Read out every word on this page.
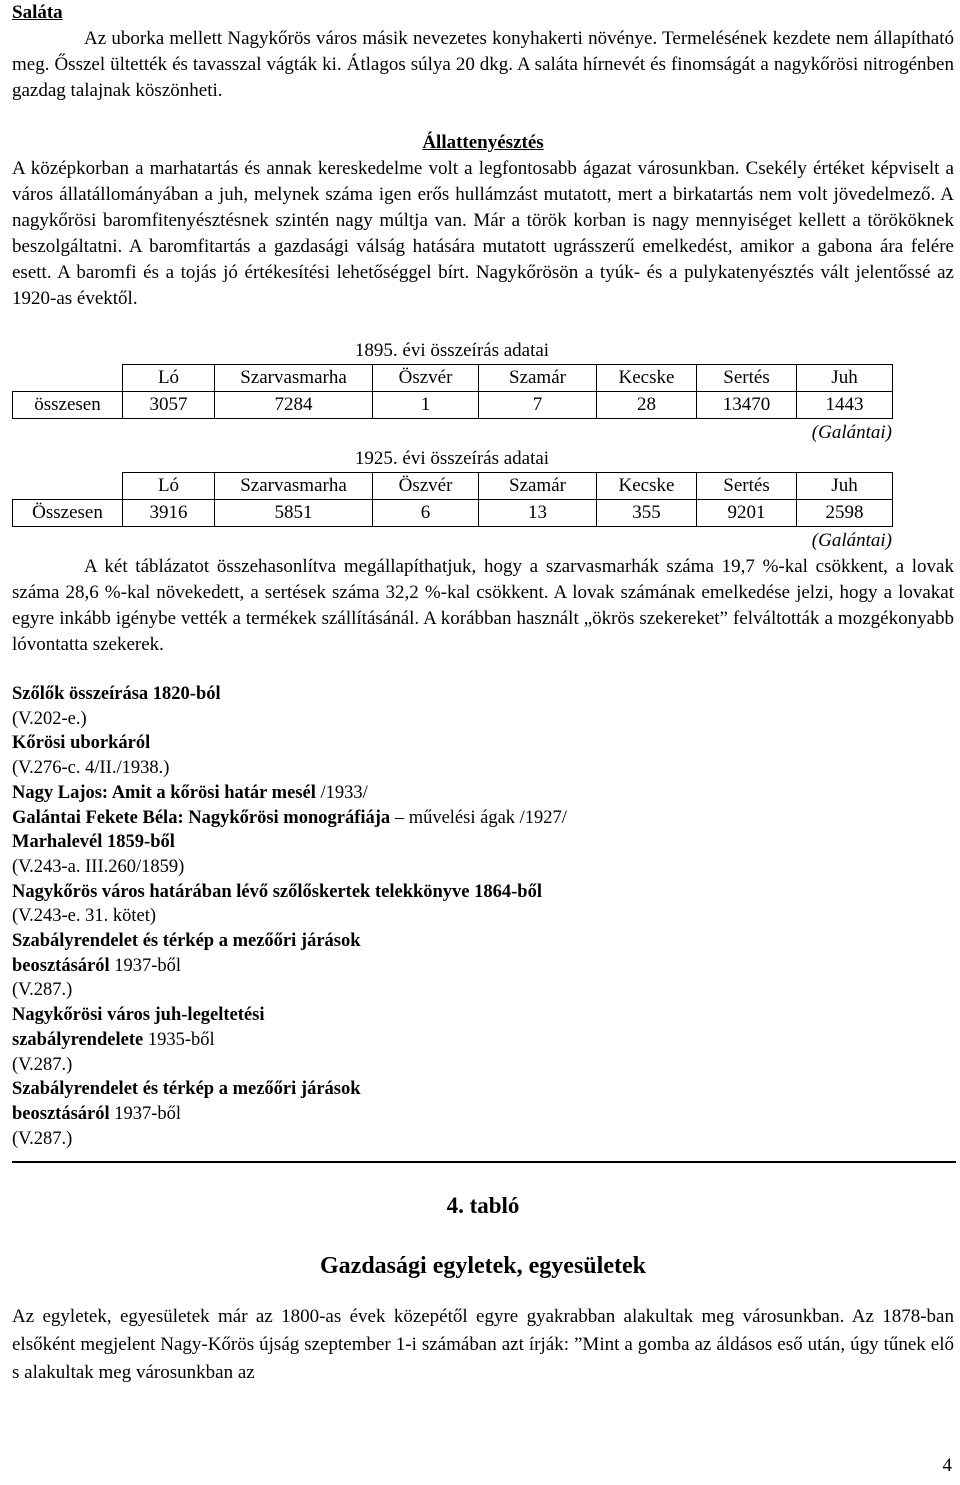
Saláta

Az uborka mellett Nagykőrös város másik nevezetes konyhakerti növénye. Termelésének kezdete nem állapítható meg. Ősszel ültették és tavasszal vágták ki. Átlagos súlya 20 dkg. A saláta hírnevét és finomságát a nagykőrösi nitrogénben gazdag talajnak köszönheti.

Állattenyésztés

A középkorban a marhatartás és annak kereskedelme volt a legfontosabb ágazat városunkban. Csekély értéket képviselt a város állatállományában a juh, melynek száma igen erős hullámzást mutatott, mert a birkatartás nem volt jövedelmező. A nagykőrösi baromfitenyésztésnek szintén nagy múltja van. Már a török korban is nagy mennyiséget kellett a törököknek beszolgáltatni. A baromfitartás a gazdasági válság hatására mutatott ugrásszerű emelkedést, amikor a gabona ára felére esett. A baromfi és a tojás jó értékesítési lehetőséggel bírt. Nagykőrösön a tyúk- és a pulykatenyésztés vált jelentőssé az 1920-as évektől.

1895. évi összeírás adatai
	Ló	Szarvasmarha	Öszvér	Szamár	Kecske	Sertés	Juh
összesen	3057	7284	1	7	28	13470	1443
(Galántai)
1925. évi összeírás adatai
	Ló	Szarvasmarha	Öszvér	Szamár	Kecske	Sertés	Juh
Összesen	3916	5851	6	13	355	9201	2598
(Galántai)

A két táblázatot összehasonlítva megállapíthatjuk, hogy a szarvasmarhák száma 19,7 %-kal csökkent, a lovak száma 28,6 %-kal növekedett, a sertések száma 32,2 %-kal csökkent. A lovak számának emelkedése jelzi, hogy a lovakat egyre inkább igénybe vették a termékek szállításánál. A korábban használt „ökrös szekereket” felváltották a mozgékonyabb lóvontatta szekerek.

Szőlők összeírása 1820-ból
(V.202-e.)
Kőrösi uborkáról
(V.276-c. 4/II./1938.)
Nagy Lajos: Amit a kőrösi határ mesél /1933/
Galántai Fekete Béla: Nagykőrösi monográfiája – művelési ágak /1927/
Marhalevél 1859-ből
(V.243-a. III.260/1859)
Nagykőrös város határában lévő szőlőskertek telekkönyve 1864-ből
(V.243-e. 31. kötet)
Szabályrendelet és térkép a mezőőri járások
beosztásáról 1937-ből
(V.287.)
Nagykőrösi város juh-legeltetési
szabályrendelete 1935-ből
(V.287.)
Szabályrendelet és térkép a mezőőri járások
beosztásáról 1937-ből
(V.287.)
4. tabló
Gazdasági egyletek, egyesületek

Az egyletek, egyesületek már az 1800-as évek közepétől egyre gyakrabban alakultak meg városunkban. Az 1878-ban elsőként megjelent Nagy-Kőrös újság szeptember 1-i számában azt írják: ”Mint a gomba az áldásos eső után, úgy tűnek elő s alakultak meg városunkban az

4
